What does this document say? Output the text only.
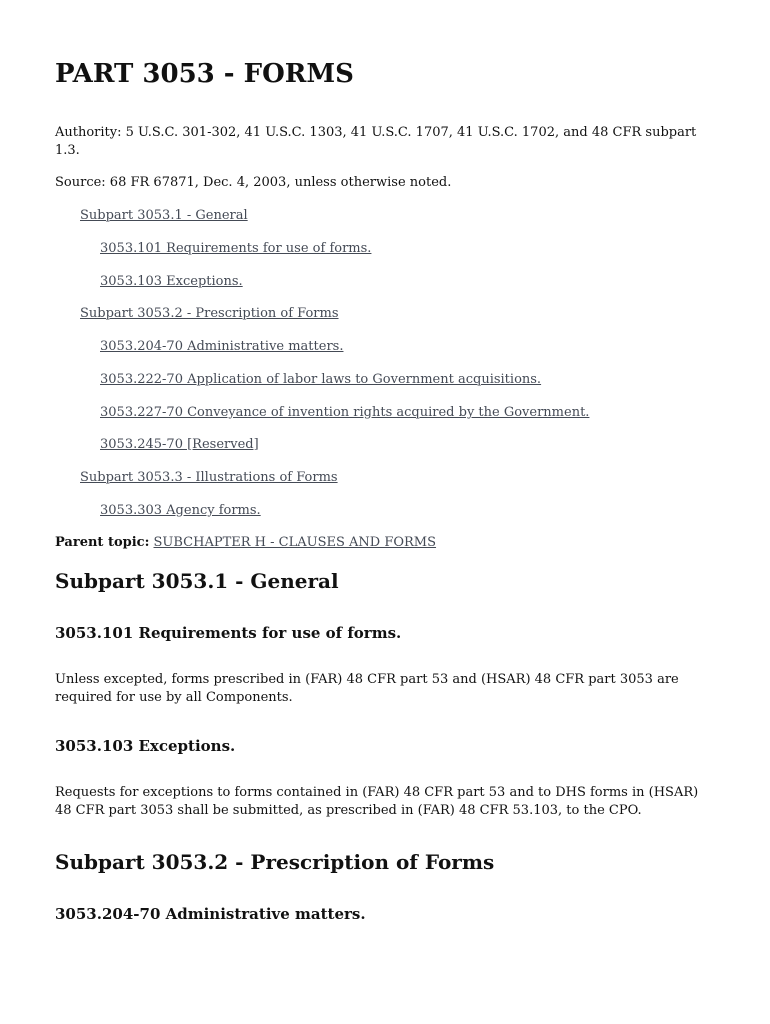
PART 3053 - FORMS

Authority: 5 U.S.C. 301-302, 41 U.S.C. 1303, 41 U.S.C. 1707, 41 U.S.C. 1702, and 48 CFR subpart 1.3.

Source: 68 FR 67871, Dec. 4, 2003, unless otherwise noted.

Subpart 3053.1 - General
3053.101 Requirements for use of forms.
3053.103 Exceptions.
Subpart 3053.2 - Prescription of Forms
3053.204-70 Administrative matters.
3053.222-70 Application of labor laws to Government acquisitions.
3053.227-70 Conveyance of invention rights acquired by the Government.
3053.245-70 [Reserved]
Subpart 3053.3 - Illustrations of Forms
3053.303 Agency forms.
Parent topic: SUBCHAPTER H - CLAUSES AND FORMS
Subpart 3053.1 - General
3053.101 Requirements for use of forms.

Unless excepted, forms prescribed in (FAR) 48 CFR part 53 and (HSAR) 48 CFR part 3053 are required for use by all Components.

3053.103 Exceptions.

Requests for exceptions to forms contained in (FAR) 48 CFR part 53 and to DHS forms in (HSAR) 48 CFR part 3053 shall be submitted, as prescribed in (FAR) 48 CFR 53.103, to the CPO.

Subpart 3053.2 - Prescription of Forms
3053.204-70 Administrative matters.
